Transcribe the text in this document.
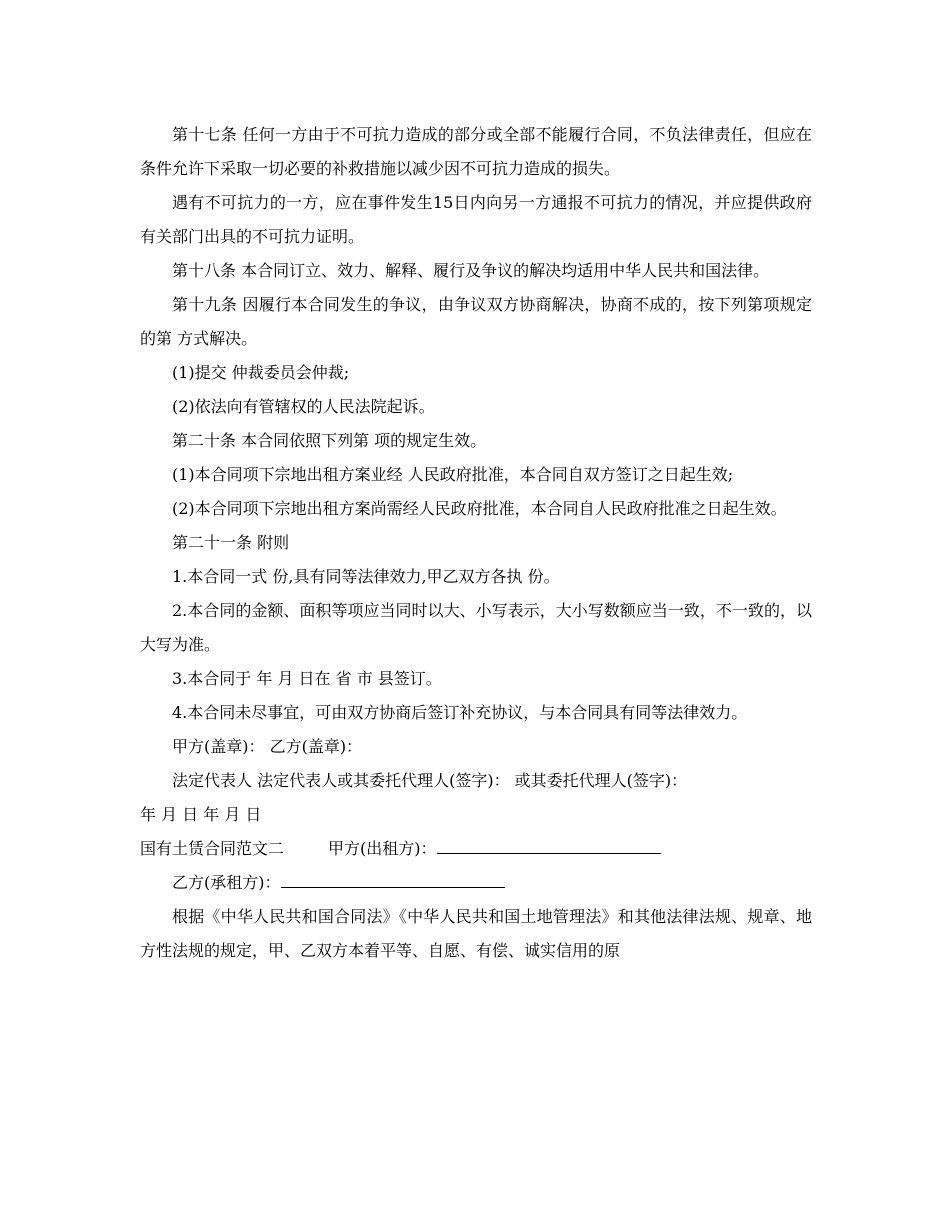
第十七条 任何一方由于不可抗力造成的部分或全部不能履行合同，不负法律责任，但应在条件允许下采取一切必要的补救措施以减少因不可抗力造成的损失。

遇有不可抗力的一方，应在事件发生15日内向另一方通报不可抗力的情况，并应提供政府有关部门出具的不可抗力证明。

第十八条 本合同订立、效力、解释、履行及争议的解决均适用中华人民共和国法律。

第十九条 因履行本合同发生的争议，由争议双方协商解决，协商不成的，按下列第项规定的第 方式解决。

(1)提交 仲裁委员会仲裁;

(2)依法向有管辖权的人民法院起诉。

第二十条 本合同依照下列第 项的规定生效。

(1)本合同项下宗地出租方案业经 人民政府批准，本合同自双方签订之日起生效;

(2)本合同项下宗地出租方案尚需经人民政府批准，本合同自人民政府批准之日起生效。

第二十一条 附则

1.本合同一式 份,具有同等法律效力,甲乙双方各执 份。

2.本合同的金额、面积等项应当同时以大、小写表示，大小写数额应当一致，不一致的，以大写为准。

3.本合同于 年 月 日在 省 市 县签订。

4.本合同未尽事宜，可由双方协商后签订补充协议，与本合同具有同等法律效力。

甲方(盖章)： 乙方(盖章)：

法定代表人 法定代表人或其委托代理人(签字)： 或其委托代理人(签字)：

年 月 日 年 月 日

国有土赁合同范文二	甲方(出租方)：

乙方(承租方)：

根据《中华人民共和国合同法》《中华人民共和国土地管理法》和其他法律法规、规章、地方性法规的规定，甲、乙双方本着平等、自愿、有偿、诚实信用的原
